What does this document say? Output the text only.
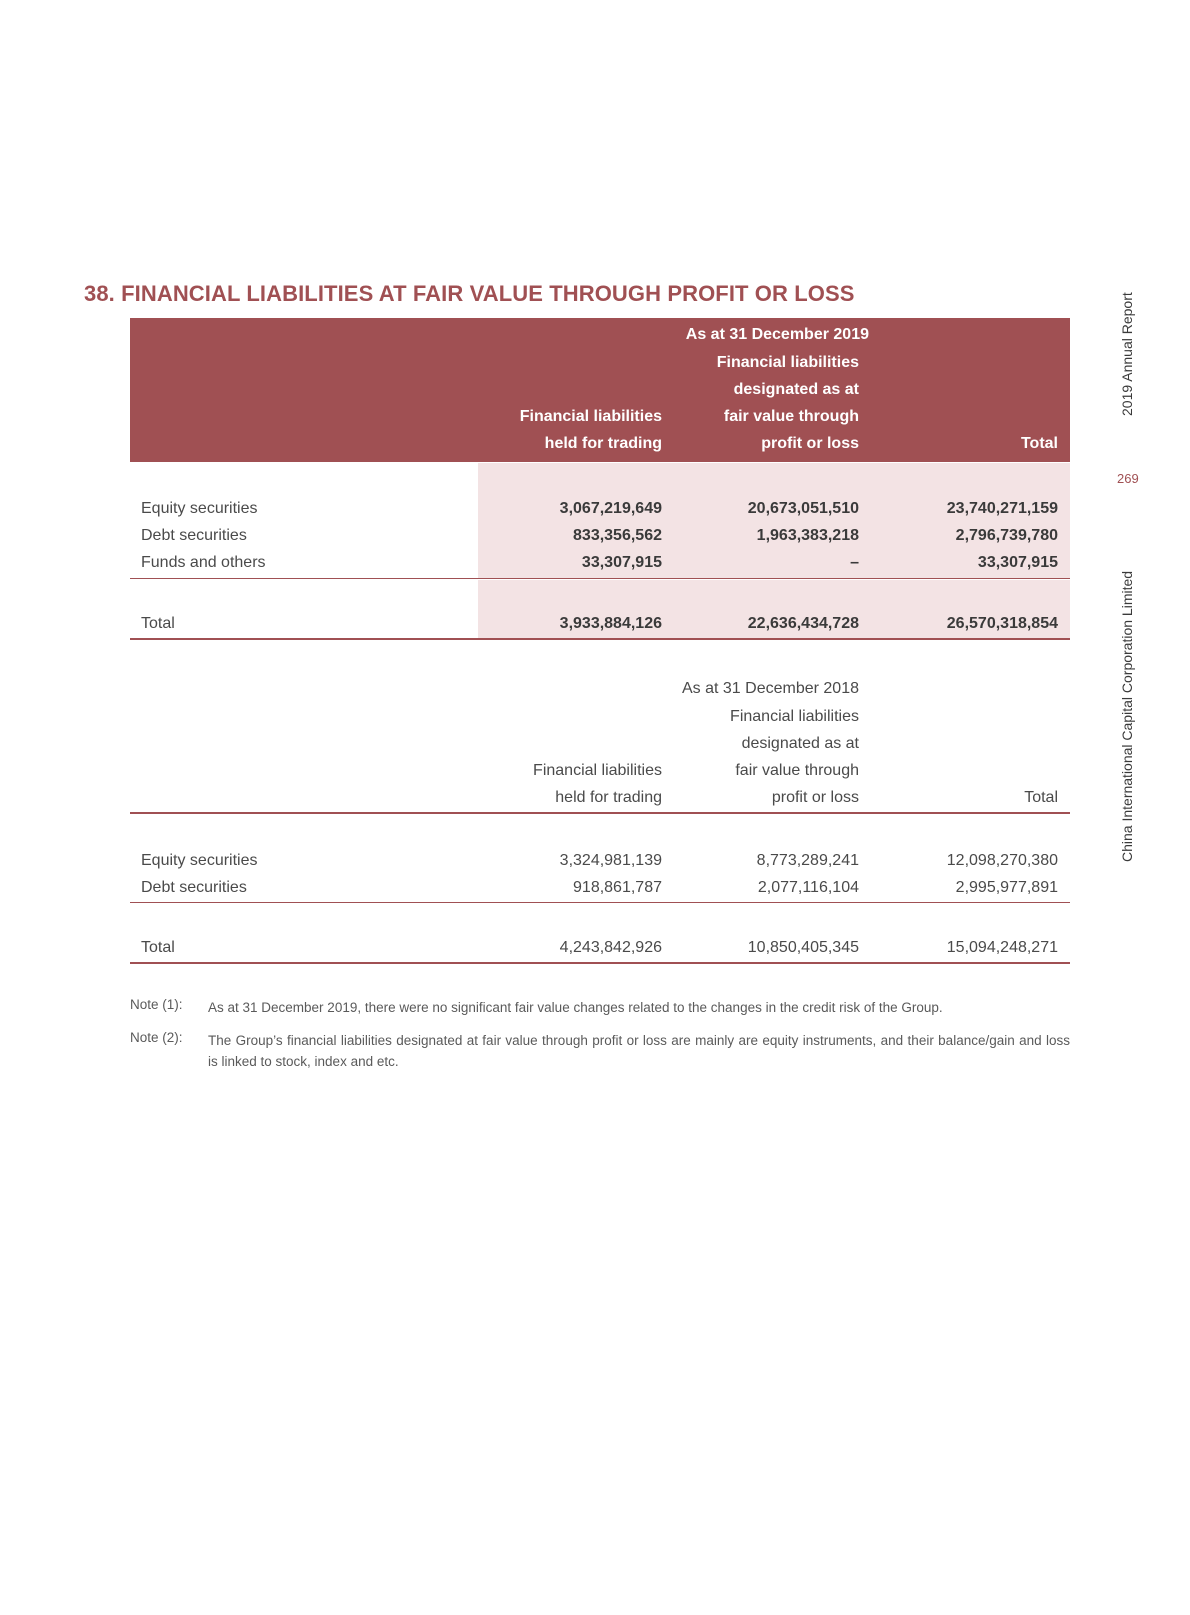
38. FINANCIAL LIABILITIES AT FAIR VALUE THROUGH PROFIT OR LOSS	2019 Annual Report
269
China International Capital Corporation Limited
As at 31 December 2019
Financial liabilities
designated as at
Financial liabilities	fair value through
held for trading	profit or loss	Total
Equity securities	3,067,219,649	20,673,051,510	23,740,271,159
Debt securities	833,356,562	1,963,383,218	2,796,739,780
Funds and others	33,307,915	–	33,307,915
Total	3,933,884,126	22,636,434,728	26,570,318,854
As at 31 December 2018
Financial liabilities
designated as at
Financial liabilities	fair value through
held for trading	profit or loss	Total
Equity securities	3,324,981,139	8,773,289,241	12,098,270,380
Debt securities	918,861,787	2,077,116,104	2,995,977,891
Total	4,243,842,926	10,850,405,345	15,094,248,271
Note (1):	As at 31 December 2019, there were no significant fair value changes related to the changes in the credit risk of the Group.
Note (2):	The Group’s financial liabilities designated at fair value through profit or loss are mainly are equity instruments, and their balance/gain and loss is linked to stock, index and etc.
